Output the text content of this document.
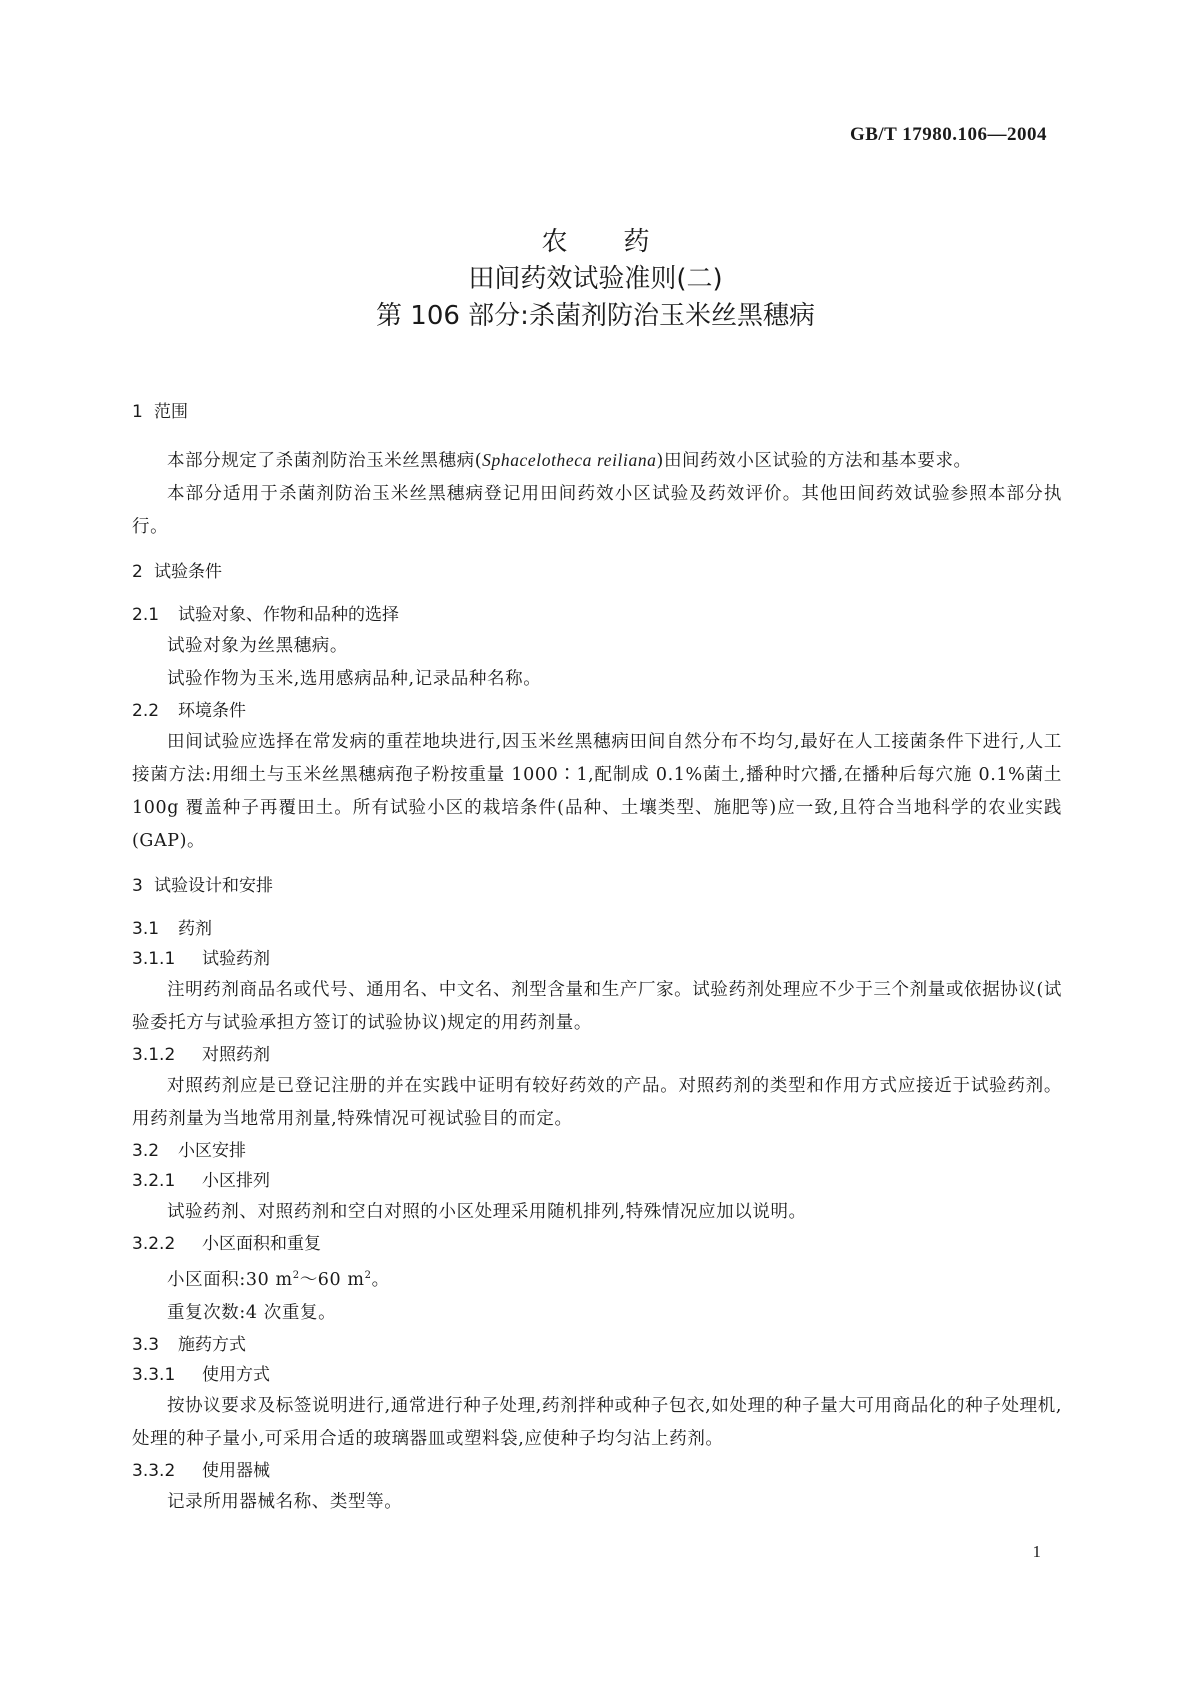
GB/T 17980.106—2004
农药
田间药效试验准则(二)
第 106 部分:杀菌剂防治玉米丝黑穗病
1 范围

本部分规定了杀菌剂防治玉米丝黑穗病(Sphacelotheca reiliana)田间药效小区试验的方法和基本要求。

本部分适用于杀菌剂防治玉米丝黑穗病登记用田间药效小区试验及药效评价。其他田间药效试验参照本部分执行。

2 试验条件
2.1 试验对象、作物和品种的选择

试验对象为丝黑穗病。

试验作物为玉米,选用感病品种,记录品种名称。

2.2 环境条件

田间试验应选择在常发病的重茬地块进行,因玉米丝黑穗病田间自然分布不均匀,最好在人工接菌条件下进行,人工接菌方法:用细土与玉米丝黑穗病孢子粉按重量 1000∶1,配制成 0.1%菌土,播种时穴播,在播种后每穴施 0.1%菌土 100g 覆盖种子再覆田土。所有试验小区的栽培条件(品种、土壤类型、施肥等)应一致,且符合当地科学的农业实践(GAP)。

3 试验设计和安排
3.1 药剂
3.1.1 试验药剂

注明药剂商品名或代号、通用名、中文名、剂型含量和生产厂家。试验药剂处理应不少于三个剂量或依据协议(试验委托方与试验承担方签订的试验协议)规定的用药剂量。

3.1.2 对照药剂

对照药剂应是已登记注册的并在实践中证明有较好药效的产品。对照药剂的类型和作用方式应接近于试验药剂。用药剂量为当地常用剂量,特殊情况可视试验目的而定。

3.2 小区安排
3.2.1 小区排列

试验药剂、对照药剂和空白对照的小区处理采用随机排列,特殊情况应加以说明。

3.2.2 小区面积和重复

小区面积:30 $m^2\sim 60$ $m^2$。

重复次数:4 次重复。

3.3 施药方式
3.3.1 使用方式

按协议要求及标签说明进行,通常进行种子处理,药剂拌种或种子包衣,如处理的种子量大可用商品化的种子处理机,处理的种子量小,可采用合适的玻璃器皿或塑料袋,应使种子均匀沾上药剂。

3.3.2 使用器械

记录所用器械名称、类型等。

1
